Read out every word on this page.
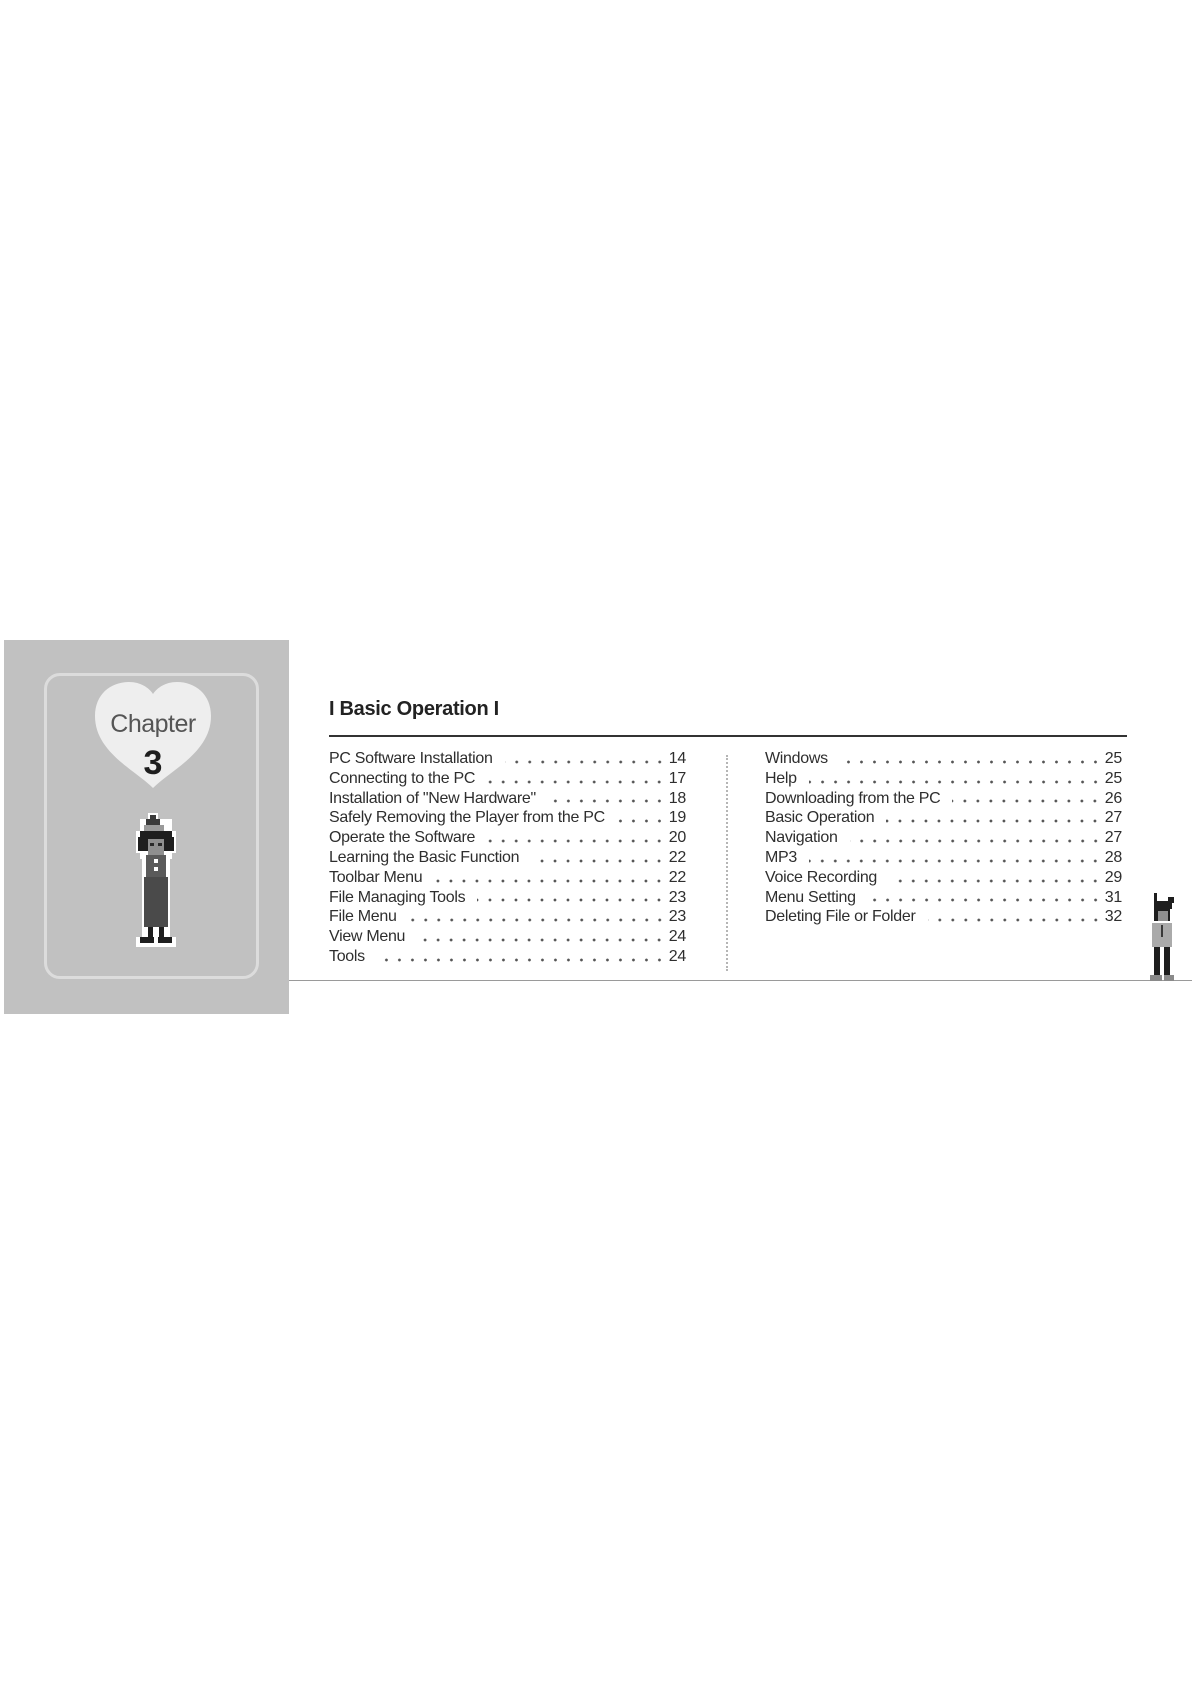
Chapter
3
I Basic Operation I
PC Software Installation	14
Connecting to the PC	17
Installation of "New Hardware"	18
Safely Removing the Player from the PC	19
Operate the Software	20
Learning the Basic Function	22
Toolbar Menu	22
File Managing Tools	23
File Menu	23
View Menu	24
Tools	24
Windows	25
Help	25
Downloading from the PC	26
Basic Operation	27
Navigation	27
MP3	28
Voice Recording	29
Menu Setting	31
Deleting File or Folder	32
